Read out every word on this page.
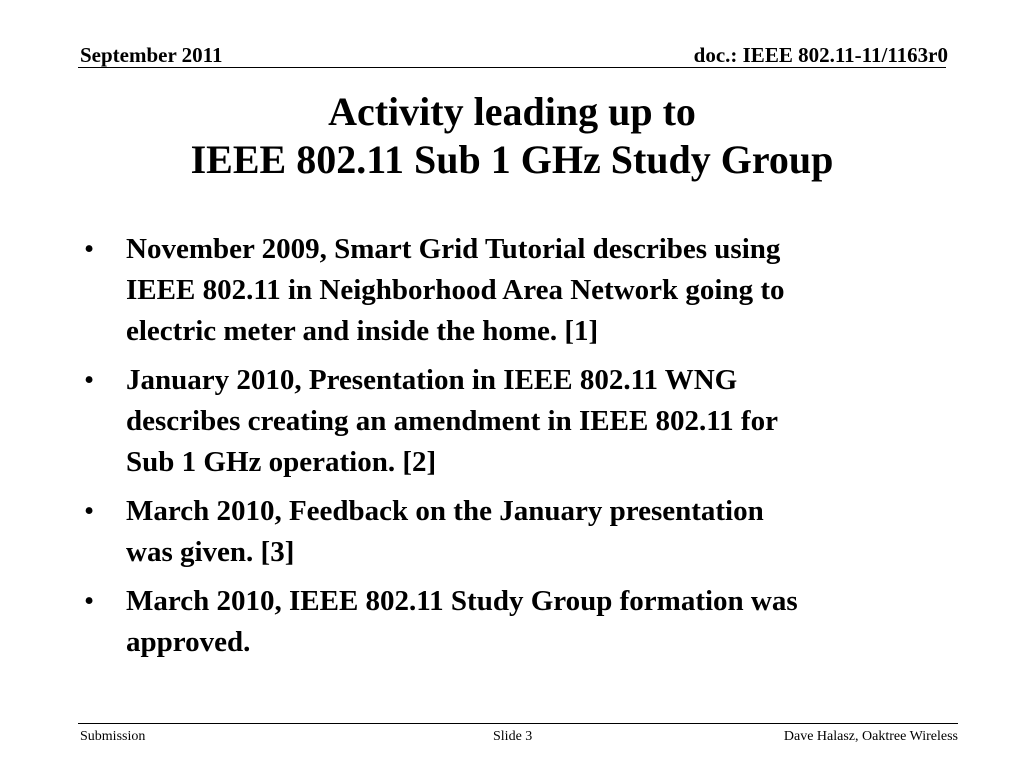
September 2011	doc.: IEEE 802.11-11/1163r0
Activity leading up to
IEEE 802.11 Sub 1 GHz Study Group
• November 2009, Smart Grid Tutorial describes using
IEEE 802.11 in Neighborhood Area Network going to
electric meter and inside the home. [1]
• January 2010, Presentation in IEEE 802.11 WNG
describes creating an amendment in IEEE 802.11 for
Sub 1 GHz operation. [2]
• March 2010, Feedback on the January presentation
was given. [3]
• March 2010, IEEE 802.11 Study Group formation was
approved.
Submission	Slide 3	Dave Halasz, Oaktree Wireless
